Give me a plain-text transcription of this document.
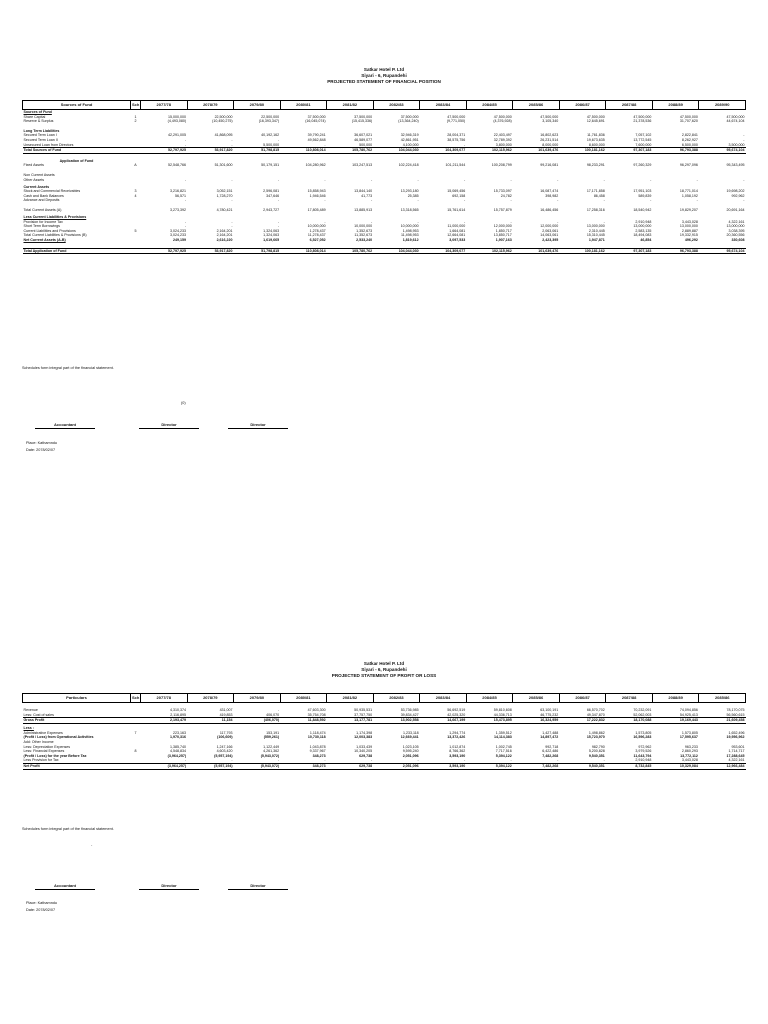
Satkar Hotel P. Ltd
Siyari - 6, Rupandehi
PROJECTED STATEMENT OF FINANCIAL POSITION
Sources of Fund	Sch	2077/78	2078/79	2079/80	2080/81	2081/82	2082/83	2083/84	2084/85	2085/86	2086/87	2087/88	2088/89	2089/90
Sources of Fund														
Share Capital	1	15,000,000	22,500,000	22,500,000	37,500,000	37,500,000	37,500,000	47,500,000	47,500,000	47,500,000	47,500,000	47,500,000	47,500,000	47,500,000
Reserve & Surplus	2	(4,493,080)	(10,450,275)	(16,393,347)	(16,045,074)	(15,415,336)	(13,364,240)	(9,771,050)	(4,376,928)	3,105,340	12,645,691	21,378,536	31,707,620	44,674,104

Long Term Liabilities														
Secured Term Loan I		42,291,005	41,868,095	40,192,162	39,790,241	36,607,021	32,946,319	28,004,371	22,403,497	16,802,623	11,761,836	7,057,102	2,822,841	-
Secured Term Loan II		-	-	-	49,562,848	46,589,077	42,861,951	38,575,756	32,789,392	26,231,514	19,673,635	13,772,545	8,262,927	-
Unsecured Loan from Directors		-	-	5,500,000	-	500,000	4,100,000	-	3,800,000	8,000,000	8,600,000	7,600,000	6,500,000	3,500,000
Total Sources of Fund		52,797,925	53,917,820	51,798,815	110,808,014	105,780,762	104,044,030	104,309,077	102,115,962	101,639,476	100,181,162	97,307,183	96,793,388	95,674,104

Application of Fund														
Fixed Assets	A	52,548,766	51,301,600	50,179,151	104,280,962	103,247,513	102,224,418	101,211,544	100,208,799	99,216,081	98,233,291	97,260,329	96,297,096	95,343,495

Non Current Assets														
Other Assets		-	-	-	-	-	-	-	-	-	-	-	-	-

Current Assets														
Stock and Commercial Receivables	3	3,216,821	3,052,151	2,596,081	15,858,943	13,844,140	13,293,180	15,069,456	15,733,097	16,087,474	17,171,858	17,951,103	18,771,014	19,698,202
Cash and Bank Balances	4	56,571	1,728,270	347,646	1,946,546	41,773	25,385	692,158	24,782	398,982	86,458	589,839	1,058,192	992,962
Advance and Deposits		-	-	-	-	-	-	-	-	-	-	-	-	-

Total Current Assets (A)		3,273,392	4,780,421	2,943,727	17,805,489	13,885,913	13,318,565	15,761,614	15,757,879	16,486,456	17,258,316	18,540,942	19,829,207	20,691,164

Less Current Liabilities & Provisions														
Provision for Income Tax		-	-	-	-	-	-	-	-	-	-	2,910,948	3,443,028	4,322,161
Short Term Borrowings		-	-	-	10,000,000	10,000,000	10,000,000	11,000,000	12,000,000	12,000,000	13,000,000	13,000,000	13,000,000	13,000,000
Current Liabilities and Provisions	5	3,024,233	2,164,201	1,324,063	1,278,437	1,352,673	1,498,953	1,664,081	1,850,717	2,063,061	2,310,445	2,583,135	2,889,887	3,038,395
Total Current Liabilities & Provisions (B)		3,024,233	2,164,201	1,324,063	11,278,437	11,352,673	11,498,953	12,664,081	13,850,717	14,063,061	15,310,445	18,494,083	19,332,915	20,360,556
Net Current Assets (A-B)		249,159	2,616,220	1,619,665	6,527,052	2,533,240	1,819,612	3,097,533	1,907,163	2,423,395	1,947,871	46,854	496,292	330,608

Total Application of Fund		52,797,925	53,917,820	51,798,815	110,808,014	105,780,762	104,044,030	104,309,077	102,115,962	101,639,476	100,181,162	97,307,183	96,793,388	95,674,104
Schedules form integral part of the financial statement.
(0)
Accountant	Director	Director
Place: Kathamndu
Date: 2078/02/07
Satkar Hotel P. Ltd
Siyari - 6, Rupandehi
PROJECTED STATEMENT OF PROFIT OR LOSS
Particulars	Sch	2077/78	2078/79	2079/80	2080/81	2081/82	2082/83	2083/84	2084/85	2085/86	2086/87	2087/88	2088/89	2085/86

Revenue		4,310,374	431,007	-	47,603,300	50,935,531	53,736,985	56,692,519	59,810,608	63,100,191	66,570,702	70,232,091	74,094,856	78,170,075
Less: Cost of sales		2,116,895	419,853	406,070	35,754,708	37,757,750	39,834,427	42,025,320	44,336,713	46,775,232	49,347,870	52,062,003	54,925,413	56,560,615
Gross Profit		2,193,479	11,154	(406,070)	11,848,592	13,177,781	13,902,558	14,667,199	15,473,895	16,324,959	17,222,832	18,170,088	19,169,443	21,609,458

Less :														
Administrative Expenses	7	223,163	117,793	153,191	1,118,474	1,174,398	1,233,118	1,294,774	1,359,512	1,427,488	1,498,862	1,573,805	1,573,805	1,652,496
(Profit / Loss) from Operational Activities		1,970,316	(106,609)	(559,261)	10,730,118	12,003,383	12,669,441	13,372,426	14,114,383	14,897,472	15,723,970	16,596,283	17,595,637	19,956,962
Add: Other Income														
Less: Depreciation Expenses		1,385,740	1,247,166	1,122,449	1,043,878	1,033,439	1,023,105	1,012,874	1,002,745	992,718	982,790	972,962	963,233	953,601
Less: Financial Expenses	8	4,548,834	4,603,420	4,261,362	9,337,967	10,340,205	9,595,240	8,766,362	7,717,516	6,422,486	5,200,828	3,979,526	2,860,293	1,714,717
(Profit / Loss) for the year Before Tax		(3,964,257)	(5,957,194)	(5,943,072)	348,273	629,738	2,051,096	3,593,190	5,394,122	7,482,268	9,540,351	11,643,794	13,772,112	17,288,645
Less Provision for Tax		-	-	-	-	-	-	-	-	-	-	2,910,948	3,443,028	4,322,161
Net Profit		(3,964,257)	(5,957,194)	(5,943,072)	348,273	629,738	2,051,096	3,593,190	5,394,122	7,482,268	9,540,351	8,732,845	10,329,084	12,966,484
Schedules form integral part of the financial statement.
-
Accountant	Director	Director
Place: Kathamndu
Date: 2078/02/07
